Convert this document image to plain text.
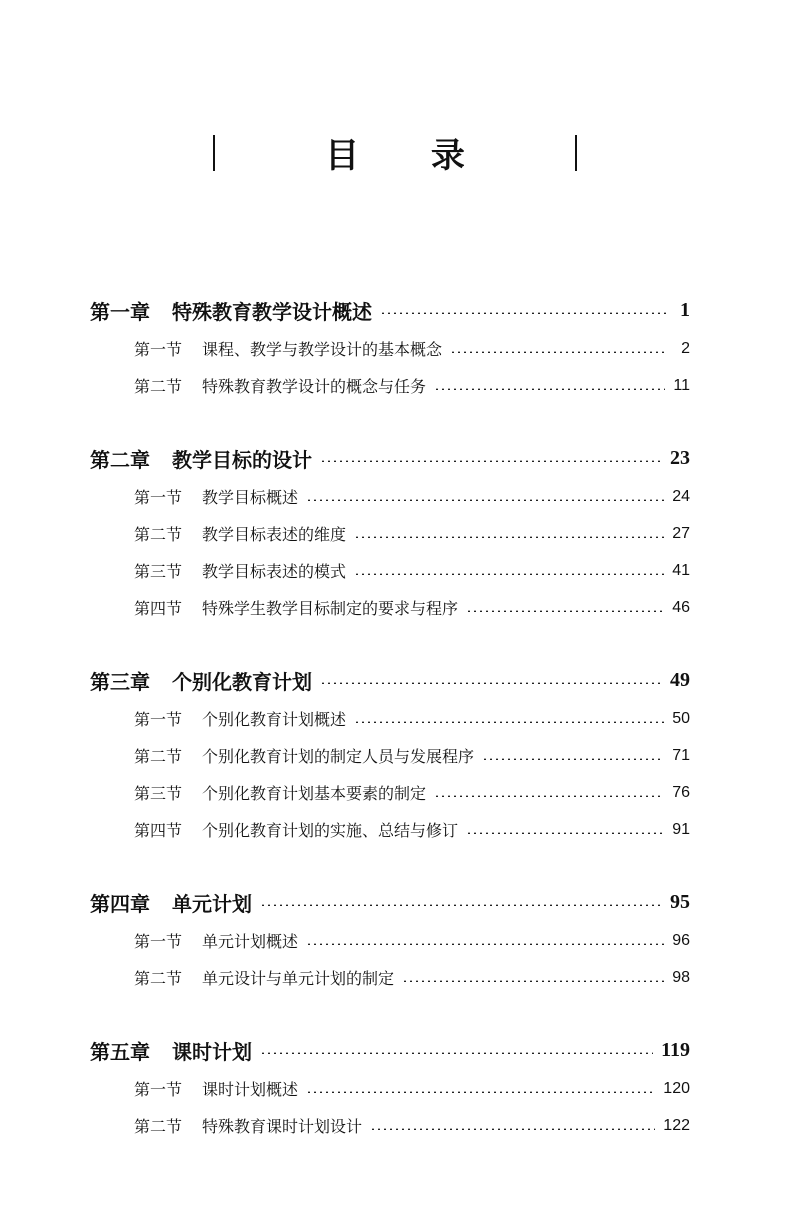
目 录
第一章 特殊教育教学设计概述	1
第一节 课程、教学与教学设计的基本概念	2
第二节 特殊教育教学设计的概念与任务	11
第二章 教学目标的设计	23
第一节 教学目标概述	24
第二节 教学目标表述的维度	27
第三节 教学目标表述的模式	41
第四节 特殊学生教学目标制定的要求与程序	46
第三章 个别化教育计划	49
第一节 个别化教育计划概述	50
第二节 个别化教育计划的制定人员与发展程序	71
第三节 个别化教育计划基本要素的制定	76
第四节 个别化教育计划的实施、总结与修订	91
第四章 单元计划	95
第一节 单元计划概述	96
第二节 单元设计与单元计划的制定	98
第五章 课时计划	119
第一节 课时计划概述	120
第二节 特殊教育课时计划设计	122
